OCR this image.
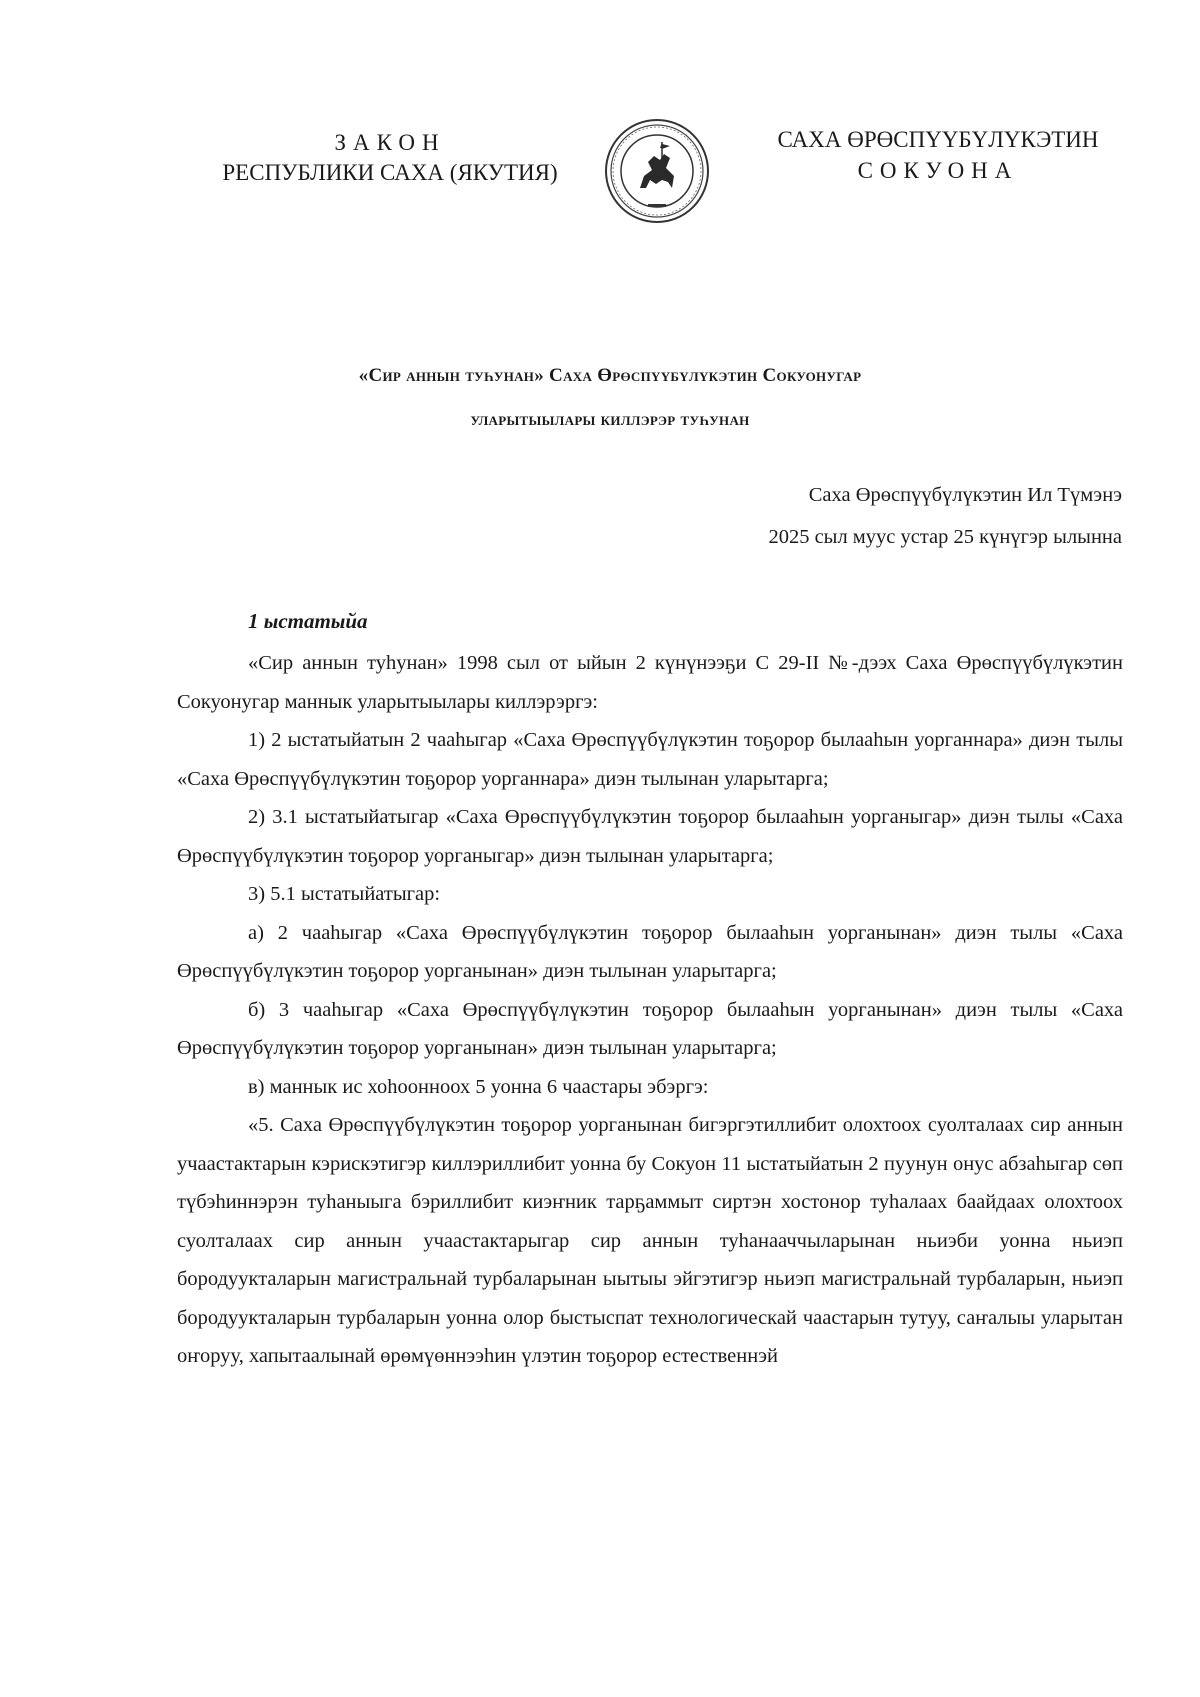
ЗАКОН
РЕСПУБЛИКИ САХА (ЯКУТИЯ)
САХА ӨРӨСПҮҮБҮЛҮКЭТИН
СОКУОНА
«Сир аннын туһунан» Саха Өрөспүүбүлүкэтин Сокуонугар
уларытыылары киллэрэр туһунан
Саха Өрөспүүбүлүкэтин Ил Түмэнэ
2025 сыл муус устар 25 күнүгэр ылынна
1 ыстатыйа

«Сир аннын туһунан» 1998 сыл от ыйын 2 күнүнээҕи С 29-II №-дээх Саха Өрөспүүбүлүкэтин Сокуонугар маннык уларытыылары киллэрэргэ:

1) 2 ыстатыйатын 2 чааһыгар «Саха Өрөспүүбүлүкэтин тоҕорор былааһын уорганнара» диэн тылы «Саха Өрөспүүбүлүкэтин тоҕорор уорганнара» диэн тылынан уларытарга;

2) 3.1 ыстатыйатыгар «Саха Өрөспүүбүлүкэтин тоҕорор былааһын уорганыгар» диэн тылы «Саха Өрөспүүбүлүкэтин тоҕорор уорганыгар» диэн тылынан уларытарга;

3) 5.1 ыстатыйатыгар:

а) 2 чааһыгар «Саха Өрөспүүбүлүкэтин тоҕорор былааһын уорганынан» диэн тылы «Саха Өрөспүүбүлүкэтин тоҕорор уорганынан» диэн тылынан уларытарга;

б) 3 чааһыгар «Саха Өрөспүүбүлүкэтин тоҕорор былааһын уорганынан» диэн тылы «Саха Өрөспүүбүлүкэтин тоҕорор уорганынан» диэн тылынан уларытарга;

в) маннык ис хоһоонноох 5 уонна 6 чаастары эбэргэ:

«5. Саха Өрөспүүбүлүкэтин тоҕорор уорганынан бигэргэтиллибит олохтоох суолталаах сир аннын учаастактарын кэрискэтигэр киллэриллибит уонна бу Сокуон 11 ыстатыйатын 2 пуунун онус абзаһыгар сөп түбэһиннэрэн туһаныыга бэриллибит киэҥник тарҕаммыт сиртэн хостонор туһалаах баайдаах олохтоох суолталаах сир аннын учаастактарыгар сир аннын туһанааччыларынан ньиэби уонна ньиэп бородуукталарын магистральнай турбаларынан ыытыы эйгэтигэр ньиэп магистральнай турбаларын, ньиэп бородуукталарын турбаларын уонна олор быстыспат технологическай чаастарын тутуу, саҥалыы уларытан оҥоруу, хапытаалынай өрөмүөннээһин үлэтин тоҕорор естественнэй
